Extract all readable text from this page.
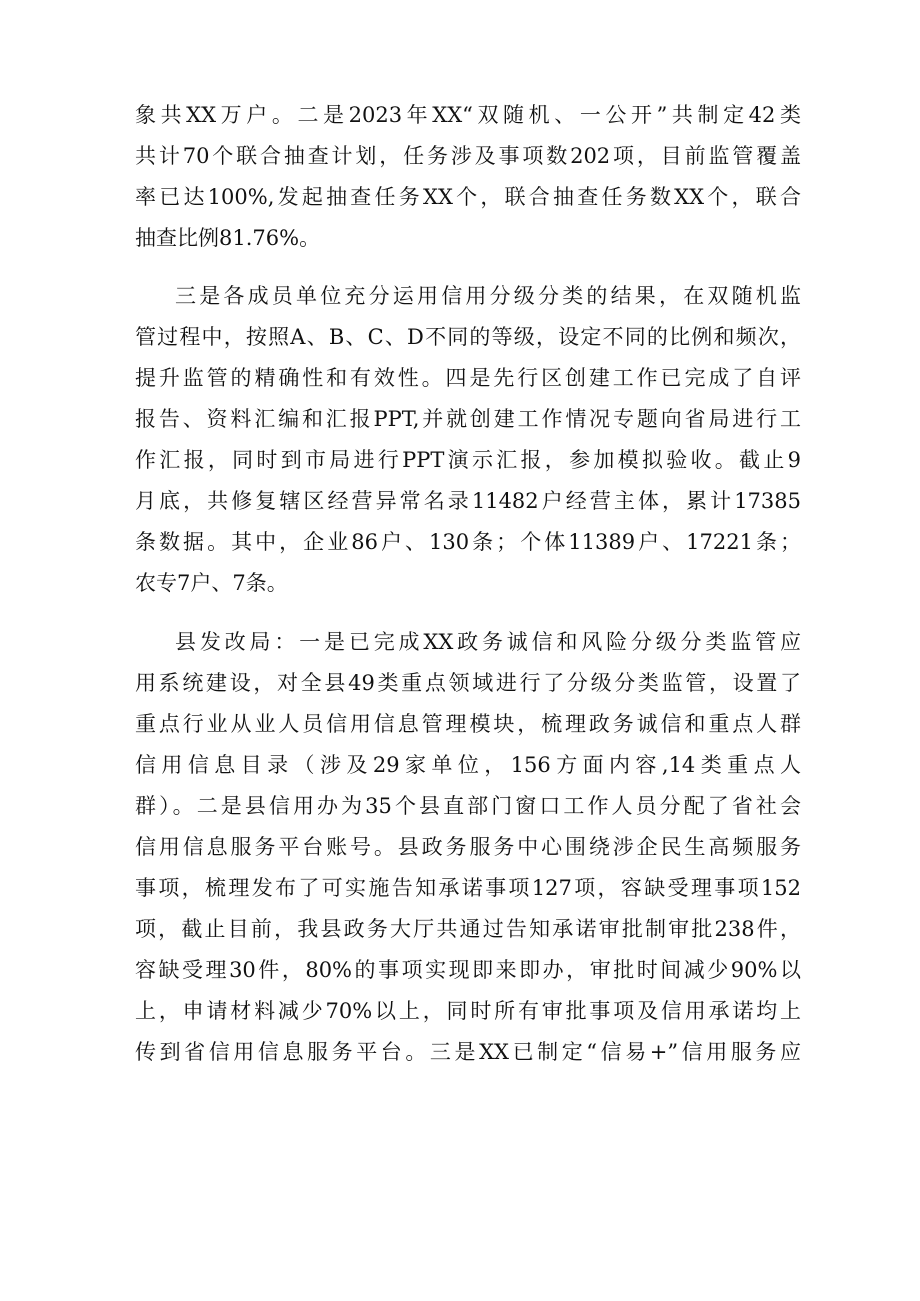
象共XX万户。二是2023年XX“双随机、一公开”共制定42类
共计70个联合抽查计划，任务涉及事项数202项，目前监管覆盖
率已达100%,发起抽查任务XX个，联合抽查任务数XX个，联合
抽查比例81.76%。
三是各成员单位充分运用信用分级分类的结果，在双随机监
管过程中，按照A、B、C、D不同的等级，设定不同的比例和频次，
提升监管的精确性和有效性。四是先行区创建工作已完成了自评
报告、资料汇编和汇报PPT,并就创建工作情况专题向省局进行工
作汇报，同时到市局进行PPT演示汇报，参加模拟验收。截止9
月底，共修复辖区经营异常名录11482户经营主体，累计17385
条数据。其中，企业86户、130条；个体11389户、17221条；
农专7户、7条。
县发改局：一是已完成XX政务诚信和风险分级分类监管应
用系统建设，对全县49类重点领域进行了分级分类监管，设置了
重点行业从业人员信用信息管理模块，梳理政务诚信和重点人群
信用信息目录（涉及29家单位，156方面内容,14类重点人
群）。二是县信用办为35个县直部门窗口工作人员分配了省社会
信用信息服务平台账号。县政务服务中心围绕涉企民生高频服务
事项，梳理发布了可实施告知承诺事项127项，容缺受理事项152
项，截止目前，我县政务大厅共通过告知承诺审批制审批238件，
容缺受理30件，80%的事项实现即来即办，审批时间减少90%以
上，申请材料减少70%以上，同时所有审批事项及信用承诺均上
传到省信用信息服务平台。三是XX已制定“信易+”信用服务应
